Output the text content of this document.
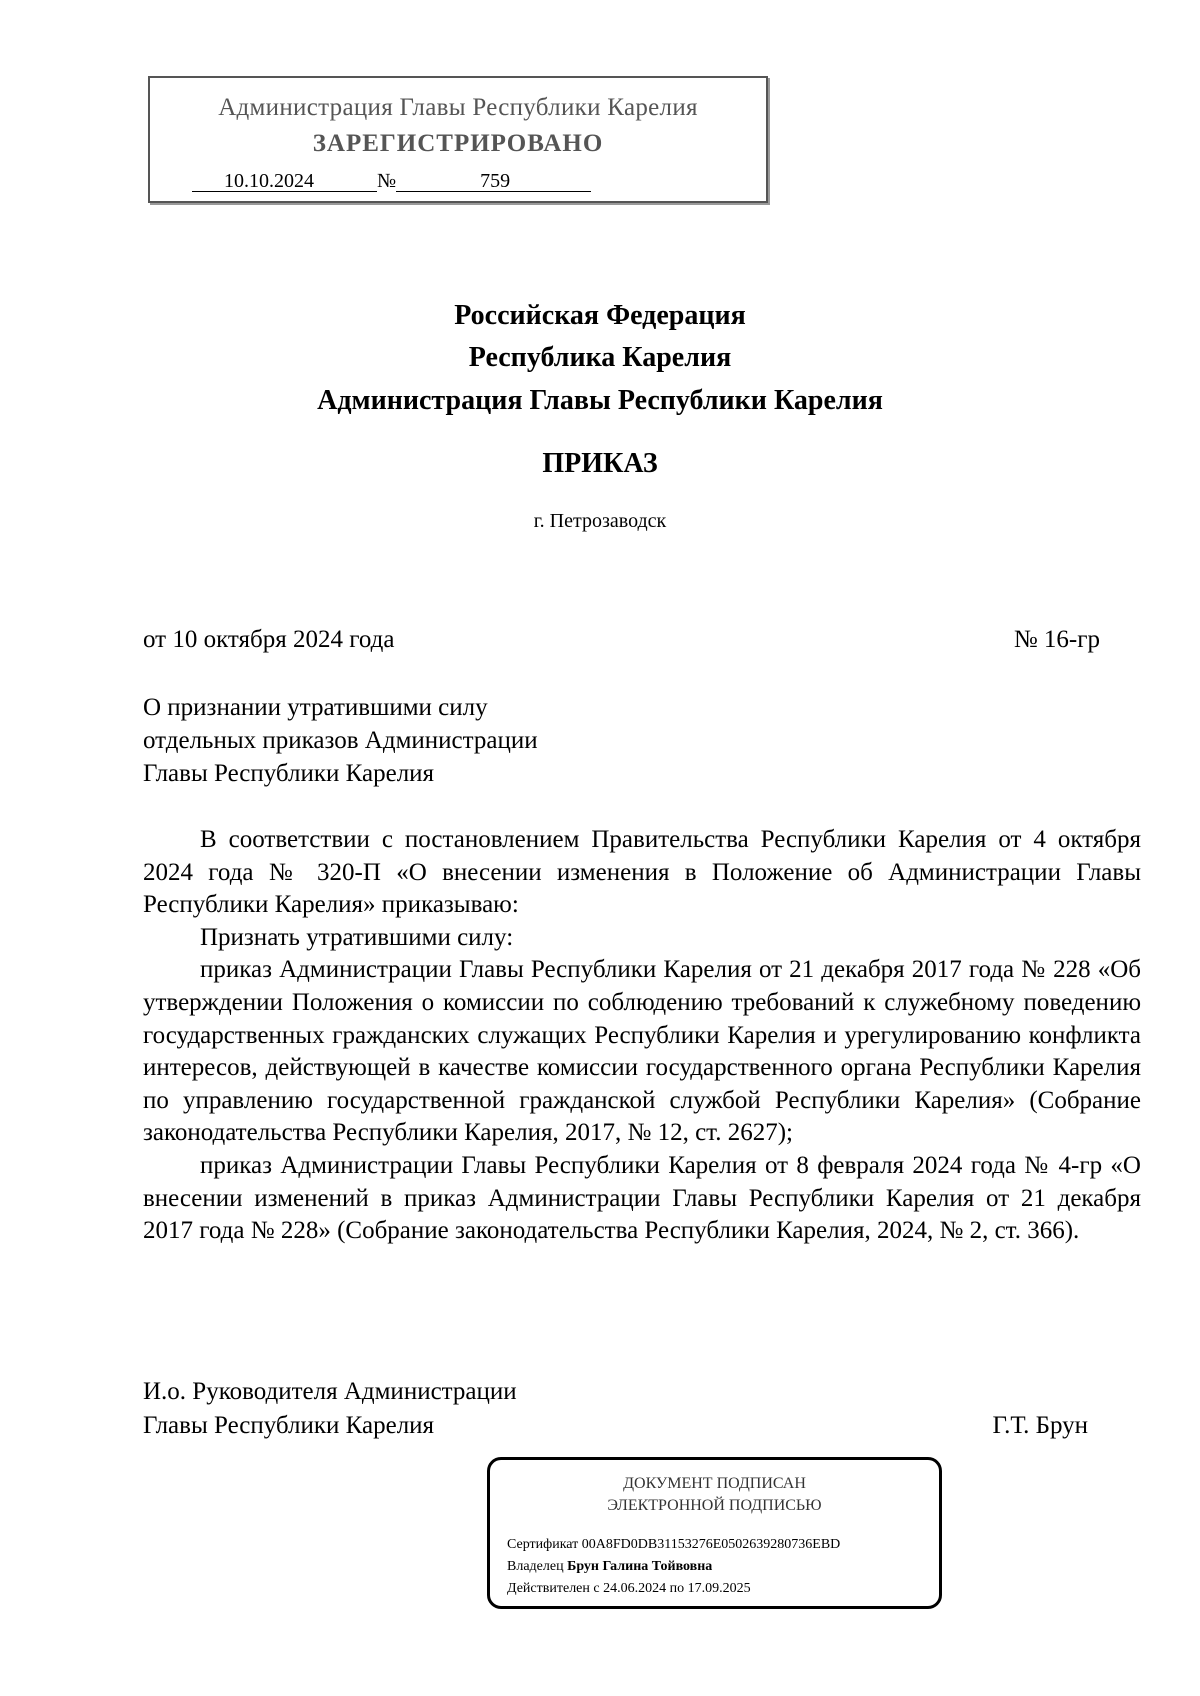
Администрация Главы Республики Карелия
ЗАРЕГИСТРИРОВАНО
10.10.2024	№	759
Российская Федерация
Республика Карелия
Администрация Главы Республики Карелия
ПРИКАЗ
г. Петрозаводск
от 10 октября 2024 года	№ 16-гр
О признании утратившими силу
отдельных приказов Администрации
Главы Республики Карелия

В соответствии с постановлением Правительства Республики Карелия от 4 октября 2024 года № 320-П «О внесении изменения в Положение об Администрации Главы Республики Карелия» приказываю:

Признать утратившими силу:

приказ Администрации Главы Республики Карелия от 21 декабря 2017 года № 228 «Об утверждении Положения о комиссии по соблюдению требований к служебному поведению государственных гражданских служащих Республики Карелия и урегулированию конфликта интересов, действующей в качестве комиссии государственного органа Республики Карелия по управлению государственной гражданской службой Республики Карелия» (Собрание законодательства Республики Карелия, 2017, № 12, ст. 2627);

приказ Администрации Главы Республики Карелия от 8 февраля 2024 года № 4-гр «О внесении изменений в приказ Администрации Главы Республики Карелия от 21 декабря 2017 года № 228» (Собрание законодательства Республики Карелия, 2024, № 2, ст. 366).

И.о. Руководителя Администрации
Главы Республики Карелия	Г.Т. Брун
ДОКУМЕНТ ПОДПИСАН
ЭЛЕКТРОННОЙ ПОДПИСЬЮ
Сертификат 00A8FD0DB31153276E0502639280736EBD
Владелец Брун Галина Тойвовна
Действителен с 24.06.2024 по 17.09.2025
